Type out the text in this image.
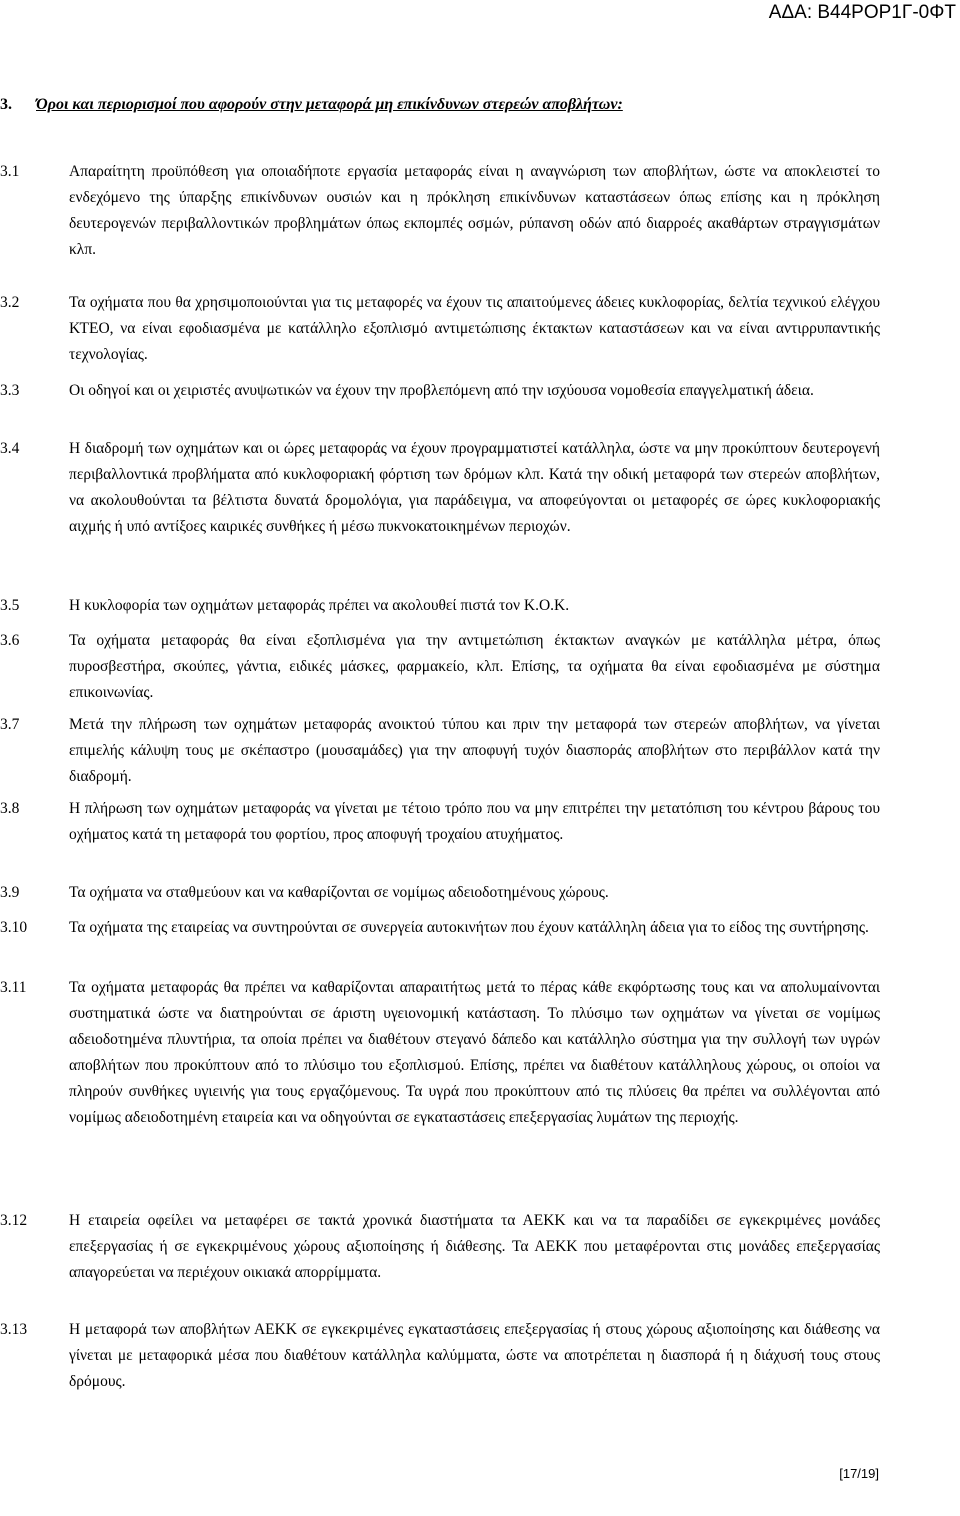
ΑΔΑ: Β44ΡΟΡ1Γ-0ΦΤ
3. Όροι και περιορισμοί που αφορούν στην μεταφορά μη επικίνδυνων στερεών αποβλήτων:
3.1	Απαραίτητη προϋπόθεση για οποιαδήποτε εργασία μεταφοράς είναι η αναγνώριση των αποβλήτων, ώστε να αποκλειστεί το ενδεχόμενο της ύπαρξης επικίνδυνων ουσιών και η πρόκληση επικίνδυνων καταστάσεων όπως επίσης και η πρόκληση δευτερογενών περιβαλλοντικών προβλημάτων όπως εκπομπές οσμών, ρύπανση οδών από διαρροές ακαθάρτων στραγγισμάτων κλπ.
3.2	Τα οχήματα που θα χρησιμοποιούνται για τις μεταφορές να έχουν τις απαιτούμενες άδειες κυκλοφορίας, δελτία τεχνικού ελέγχου ΚΤΕΟ, να είναι εφοδιασμένα με κατάλληλο εξοπλισμό αντιμετώπισης έκτακτων καταστάσεων και να είναι αντιρρυπαντικής τεχνολογίας.
3.3	Οι οδηγοί και οι χειριστές ανυψωτικών να έχουν την προβλεπόμενη από την ισχύουσα νομοθεσία επαγγελματική άδεια.
3.4	Η διαδρομή των οχημάτων και οι ώρες μεταφοράς να έχουν προγραμματιστεί κατάλληλα, ώστε να μην προκύπτουν δευτερογενή περιβαλλοντικά προβλήματα από κυκλοφοριακή φόρτιση των δρόμων κλπ. Κατά την οδική μεταφορά των στερεών αποβλήτων, να ακολουθούνται τα βέλτιστα δυνατά δρομολόγια, για παράδειγμα, να αποφεύγονται οι μεταφορές σε ώρες κυκλοφοριακής αιχμής ή υπό αντίξοες καιρικές συνθήκες ή μέσω πυκνοκατοικημένων περιοχών.
3.5	Η κυκλοφορία των οχημάτων μεταφοράς πρέπει να ακολουθεί πιστά τον Κ.Ο.Κ.
3.6	Τα οχήματα μεταφοράς θα είναι εξοπλισμένα για την αντιμετώπιση έκτακτων αναγκών με κατάλληλα μέτρα, όπως πυροσβεστήρα, σκούπες, γάντια, ειδικές μάσκες, φαρμακείο, κλπ. Επίσης, τα οχήματα θα είναι εφοδιασμένα με σύστημα επικοινωνίας.
3.7	Μετά την πλήρωση των οχημάτων μεταφοράς ανοικτού τύπου και πριν την μεταφορά των στερεών αποβλήτων, να γίνεται επιμελής κάλυψη τους με σκέπαστρο (μουσαμάδες) για την αποφυγή τυχόν διασποράς αποβλήτων στο περιβάλλον κατά την διαδρομή.
3.8	Η πλήρωση των οχημάτων μεταφοράς να γίνεται με τέτοιο τρόπο που να μην επιτρέπει την μετατόπιση του κέντρου βάρους του οχήματος κατά τη μεταφορά του φορτίου, προς αποφυγή τροχαίου ατυχήματος.
3.9	Τα οχήματα να σταθμεύουν και να καθαρίζονται σε νομίμως αδειοδοτημένους χώρους.
3.10	Τα οχήματα της εταιρείας να συντηρούνται σε συνεργεία αυτοκινήτων που έχουν κατάλληλη άδεια για το είδος της συντήρησης.
3.11	Τα οχήματα μεταφοράς θα πρέπει να καθαρίζονται απαραιτήτως μετά το πέρας κάθε εκφόρτωσης τους και να απολυμαίνονται συστηματικά ώστε να διατηρούνται σε άριστη υγειονομική κατάσταση. Το πλύσιμο των οχημάτων να γίνεται σε νομίμως αδειοδοτημένα πλυντήρια, τα οποία πρέπει να διαθέτουν στεγανό δάπεδο και κατάλληλο σύστημα για την συλλογή των υγρών αποβλήτων που προκύπτουν από το πλύσιμο του εξοπλισμού. Επίσης, πρέπει να διαθέτουν κατάλληλους χώρους, οι οποίοι να πληρούν συνθήκες υγιεινής για τους εργαζόμενους. Τα υγρά που προκύπτουν από τις πλύσεις θα πρέπει να συλλέγονται από νομίμως αδειοδοτημένη εταιρεία και να οδηγούνται σε εγκαταστάσεις επεξεργασίας λυμάτων της περιοχής.
3.12	Η εταιρεία οφείλει να μεταφέρει σε τακτά χρονικά διαστήματα τα ΑΕΚΚ και να τα παραδίδει σε εγκεκριμένες μονάδες επεξεργασίας ή σε εγκεκριμένους χώρους αξιοποίησης ή διάθεσης. Τα ΑΕΚΚ που μεταφέρονται στις μονάδες επεξεργασίας απαγορεύεται να περιέχουν οικιακά απορρίμματα.
3.13	Η μεταφορά των αποβλήτων ΑΕΚΚ σε εγκεκριμένες εγκαταστάσεις επεξεργασίας ή στους χώρους αξιοποίησης και διάθεσης να γίνεται με μεταφορικά μέσα που διαθέτουν κατάλληλα καλύμματα, ώστε να αποτρέπεται η διασπορά ή η διάχυσή τους στους δρόμους.
[17/19]
